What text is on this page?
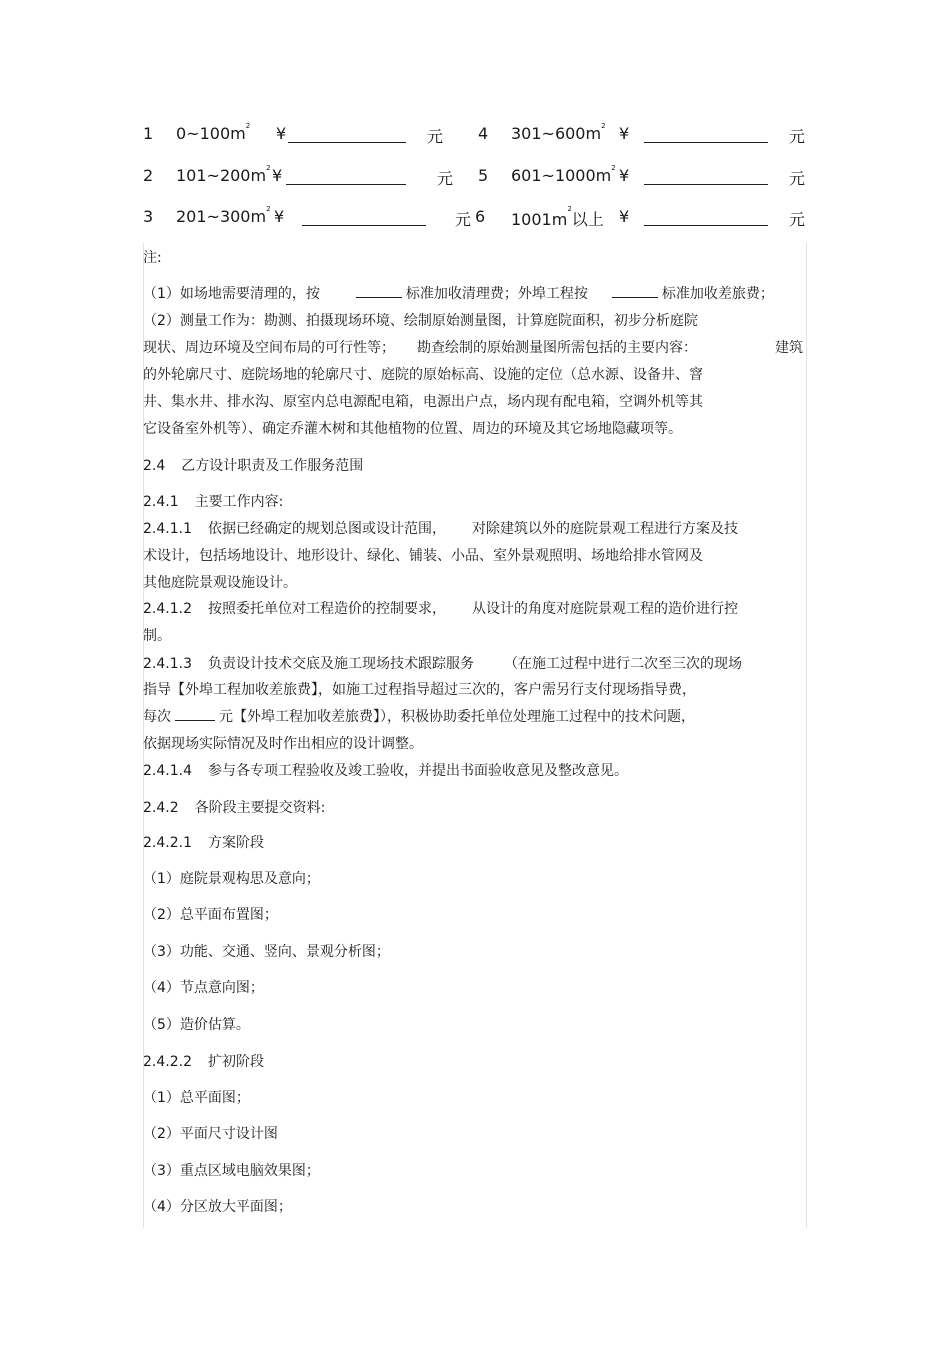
1 $0\sim 100m^2$ ¥	元 4 $301\sim 600m^2$ ¥	元
2 $101\sim 200m^2$ ¥	元 5 $601\sim 1000m^2$ ¥	元
3 $201\sim 300m^2$ ¥	元 6 $1001m^2$以上 ¥	元
注:
（1）如场地需要清理的，按	标准加收清理费；外埠工程按	标准加收差旅费；
（2）测量工作为：勘测、拍摄现场环境、绘制原始测量图，计算庭院面积，初步分析庭院
现状、周边环境及空间布局的可行性等； 勘查绘制的原始测量图所需包括的主要内容：	建筑
的外轮廓尺寸、庭院场地的轮廓尺寸、庭院的原始标高、设施的定位（总水源、设备井、窨
井、集水井、排水沟、原室内总电源配电箱，电源出户点，场内现有配电箱，空调外机等其
它设备室外机等）、确定乔灌木树和其他植物的位置、周边的环境及其它场地隐藏项等。
2.4 乙方设计职责及工作服务范围
2.4.1 主要工作内容:
2.4.1.1 依据已经确定的规划总图或设计范围， 对除建筑以外的庭院景观工程进行方案及技
术设计，包括场地设计、地形设计、绿化、铺装、小品、室外景观照明、场地给排水管网及
其他庭院景观设施设计。
2.4.1.2 按照委托单位对工程造价的控制要求， 从设计的角度对庭院景观工程的造价进行控
制。
2.4.1.3 负责设计技术交底及施工现场技术跟踪服务 （在施工过程中进行二次至三次的现场
指导【外埠工程加收差旅费】，如施工过程指导超过三次的，客户需另行支付现场指导费，
每次	元【外埠工程加收差旅费】），积极协助委托单位处理施工过程中的技术问题，
依据现场实际情况及时作出相应的设计调整。
2.4.1.4 参与各专项工程验收及竣工验收，并提出书面验收意见及整改意见。
2.4.2 各阶段主要提交资料:
2.4.2.1 方案阶段
（1）庭院景观构思及意向；
（2）总平面布置图；
（3）功能、交通、竖向、景观分析图；
（4）节点意向图；
（5）造价估算。
2.4.2.2 扩初阶段
（1）总平面图；
（2）平面尺寸设计图
（3）重点区域电脑效果图；
（4）分区放大平面图；
